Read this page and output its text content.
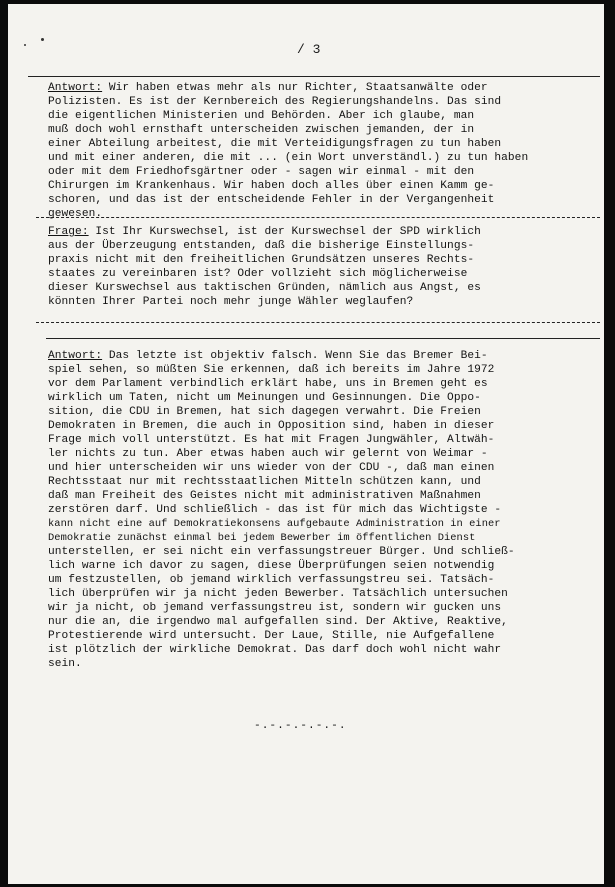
/ 3
Antwort: Wir haben etwas mehr als nur Richter, Staatsanwälte oder
Polizisten. Es ist der Kernbereich des Regierungshandelns. Das sind
die eigentlichen Ministerien und Behörden. Aber ich glaube, man
muß doch wohl ernsthaft unterscheiden zwischen jemanden, der in
einer Abteilung arbeitest, die mit Verteidigungsfragen zu tun haben
und mit einer anderen, die mit ... (ein Wort unverständl.) zu tun haben
oder mit dem Friedhofsgärtner oder - sagen wir einmal - mit den
Chirurgen im Krankenhaus. Wir haben doch alles über einen Kamm ge-
schoren, und das ist der entscheidende Fehler in der Vergangenheit
gewesen.
Frage: Ist Ihr Kurswechsel, ist der Kurswechsel der SPD wirklich
aus der Überzeugung entstanden, daß die bisherige Einstellungs-
praxis nicht mit den freiheitlichen Grundsätzen unseres Rechts-
staates zu vereinbaren ist? Oder vollzieht sich möglicherweise
dieser Kurswechsel aus taktischen Gründen, nämlich aus Angst, es
könnten Ihrer Partei noch mehr junge Wähler weglaufen?
Antwort: Das letzte ist objektiv falsch. Wenn Sie das Bremer Bei-
spiel sehen, so müßten Sie erkennen, daß ich bereits im Jahre 1972
vor dem Parlament verbindlich erklärt habe, uns in Bremen geht es
wirklich um Taten, nicht um Meinungen und Gesinnungen. Die Oppo-
sition, die CDU in Bremen, hat sich dagegen verwahrt. Die Freien
Demokraten in Bremen, die auch in Opposition sind, haben in dieser
Frage mich voll unterstützt. Es hat mit Fragen Jungwähler, Altwäh-
ler nichts zu tun. Aber etwas haben auch wir gelernt von Weimar -
und hier unterscheiden wir uns wieder von der CDU -, daß man einen
Rechtsstaat nur mit rechtsstaatlichen Mitteln schützen kann, und
daß man Freiheit des Geistes nicht mit administrativen Maßnahmen
zerstören darf. Und schließlich - das ist für mich das Wichtigste -
kann nicht eine auf Demokratiekonsens aufgebaute Administration in einer
Demokratie zunächst einmal bei jedem Bewerber im öffentlichen Dienst
unterstellen, er sei nicht ein verfassungstreuer Bürger. Und schließ-
lich warne ich davor zu sagen, diese Überprüfungen seien notwendig
um festzustellen, ob jemand wirklich verfassungstreu sei. Tatsäch-
lich überprüfen wir ja nicht jeden Bewerber. Tatsächlich untersuchen
wir ja nicht, ob jemand verfassungstreu ist, sondern wir gucken uns
nur die an, die irgendwo mal aufgefallen sind. Der Aktive, Reaktive,
Protestierende wird untersucht. Der Laue, Stille, nie Aufgefallene
ist plötzlich der wirkliche Demokrat. Das darf doch wohl nicht wahr
sein.
-.-.-.-.-.-.
